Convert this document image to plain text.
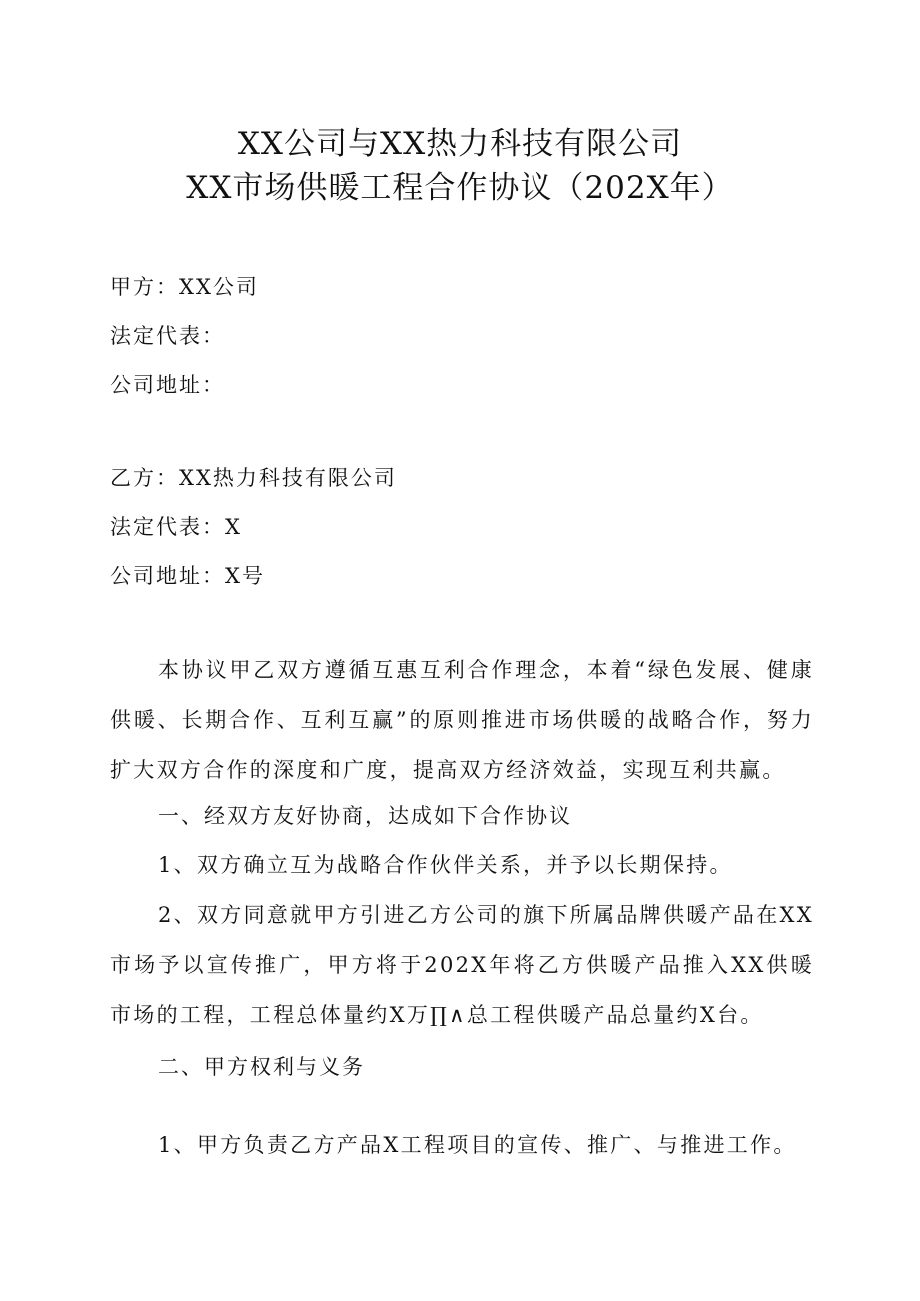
XX公司与XX热力科技有限公司
XX市场供暖工程合作协议（202X年）
甲方：XX公司
法定代表：
公司地址：
乙方：XX热力科技有限公司
法定代表：X
公司地址：X号
本协议甲乙双方遵循互惠互利合作理念，本着“绿色发展、健康供暖、长期合作、互利互赢”的原则推进市场供暖的战略合作，努力扩大双方合作的深度和广度，提高双方经济效益，实现互利共赢。
一、经双方友好协商，达成如下合作协议
1、双方确立互为战略合作伙伴关系，并予以长期保持。
2、双方同意就甲方引进乙方公司的旗下所属品牌供暖产品在XX市场予以宣传推广，甲方将于202X年将乙方供暖产品推入XX供暖市场的工程，工程总体量约X万∏∧总工程供暖产品总量约X台。
二、甲方权利与义务
1、甲方负责乙方产品X工程项目的宣传、推广、与推进工作。
